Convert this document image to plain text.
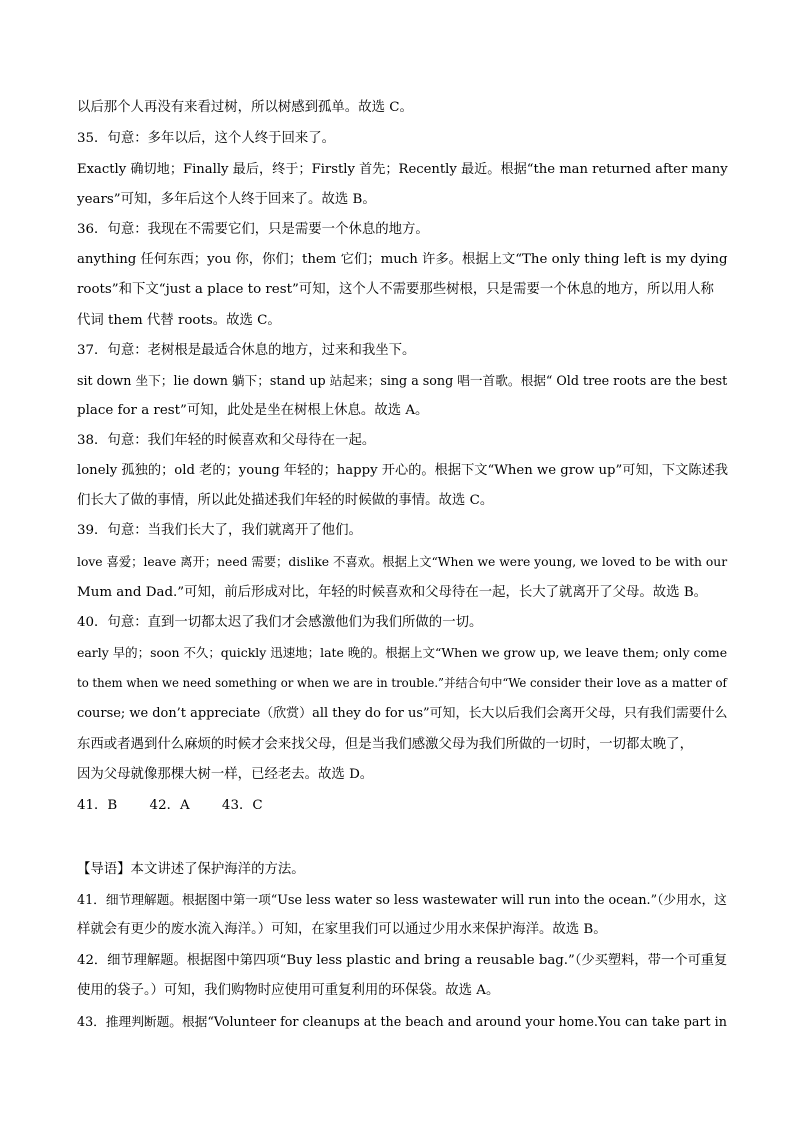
以后那个人再没有来看过树，所以树感到孤单。故选 C。
35．句意：多年以后，这个人终于回来了。
Exactly 确切地；Finally 最后，终于；Firstly 首先；Recently 最近。根据“the man returned after many
years”可知，多年后这个人终于回来了。故选 B。
36．句意：我现在不需要它们，只是需要一个休息的地方。
anything 任何东西；you 你，你们；them 它们；much 许多。根据上文“The only thing left is my dying
roots”和下文“just a place to rest”可知，这个人不需要那些树根，只是需要一个休息的地方，所以用人称
代词 them 代替 roots。故选 C。
37．句意：老树根是最适合休息的地方，过来和我坐下。
sit down 坐下；lie down 躺下；stand up 站起来；sing a song 唱一首歌。根据“ Old tree roots are the best
place for a rest”可知，此处是坐在树根上休息。故选 A。
38．句意：我们年轻的时候喜欢和父母待在一起。
lonely 孤独的；old 老的；young 年轻的；happy 开心的。根据下文“When we grow up”可知，下文陈述我
们长大了做的事情，所以此处描述我们年轻的时候做的事情。故选 C。
39．句意：当我们长大了，我们就离开了他们。
love 喜爱；leave 离开；need 需要；dislike 不喜欢。根据上文“When we were young, we loved to be with our
Mum and Dad.”可知，前后形成对比，年轻的时候喜欢和父母待在一起，长大了就离开了父母。故选 B。
40．句意：直到一切都太迟了我们才会感激他们为我们所做的一切。
early 早的；soon 不久；quickly 迅速地；late 晚的。根据上文“When we grow up, we leave them; only come
to them when we need something or when we are in trouble.”并结合句中“We consider their love as a matter of
course; we don’t appreciate（欣赏）all they do for us”可知，长大以后我们会离开父母，只有我们需要什么
东西或者遇到什么麻烦的时候才会来找父母，但是当我们感激父母为我们所做的一切时，一切都太晚了，
因为父母就像那棵大树一样，已经老去。故选 D。
41．B 42．A 43．C
【导语】本文讲述了保护海洋的方法。
41．细节理解题。根据图中第一项“Use less water so less wastewater will run into the ocean.”（少用水，这
样就会有更少的废水流入海洋。）可知，在家里我们可以通过少用水来保护海洋。故选 B。
42．细节理解题。根据图中第四项“Buy less plastic and bring a reusable bag.”（少买塑料，带一个可重复
使用的袋子。）可知，我们购物时应使用可重复利用的环保袋。故选 A。
43．推理判断题。根据“Volunteer for cleanups at the beach and around your home.You can take part in
